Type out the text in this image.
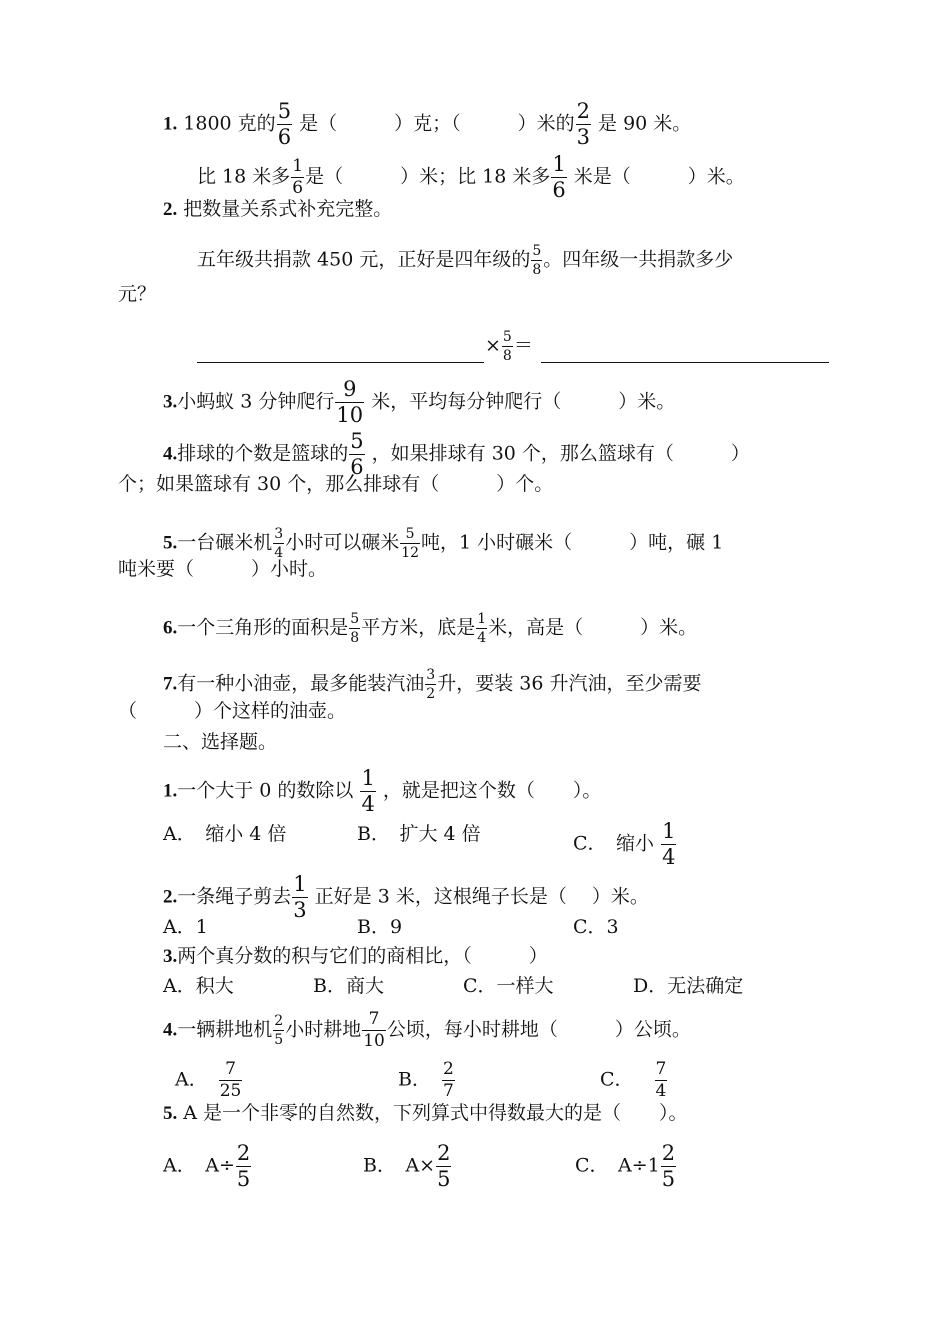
1. 1800 克的 $\frac{5}{6}$ 是（　　　）克；（　　　）米的 $\frac{2}{3}$ 是 90 米。
比 18 米多 $\frac{1}{6}$ 是（　　　）米；比 18 米多 $\frac{1}{6}$ 米是（　　　）米。
2. 把数量关系式补充完整。
五年级共捐款 450 元，正好是四年级的 $\frac{5}{8}$ 。四年级一共捐款多少
元？
× $\frac{5}{8}$ ＝
3.小蚂蚁 3 分钟爬行 $\frac{9}{10}$ 米，平均每分钟爬行（　　　）米。
4.排球的个数是篮球的 $\frac{5}{6}$ ，如果排球有 30 个，那么篮球有（　　　）
个；如果篮球有 30 个，那么排球有（　　　）个。
5.一台碾米机 $\frac{3}{4}$ 小时可以碾米 $\frac{5}{12}$ 吨，1 小时碾米（　　　）吨，碾 1
吨米要（　　　）小时。
6.一个三角形的面积是 $\frac{5}{8}$ 平方米，底是 $\frac{1}{4}$ 米，高是（　　　）米。
7.有一种小油壶，最多能装汽油 $\frac{3}{2}$ 升，要装 36 升汽油，至少需要
（　　　）个这样的油壶。
二、选择题。
1.一个大于 0 的数除以 $\frac{1}{4}$ ，就是把这个数（　　）。
A．　缩小 4 倍	B．　扩大 4 倍	C．　缩小 $\frac{1}{4}$
2.一条绳子剪去 $\frac{1}{3}$ 正好是 3 米，这根绳子长是（　 ）米。
A．1	B．9	C．3
3.两个真分数的积与它们的商相比，（　　　）
A．积大	B．商大	C．一样大	D．无法确定
4.一辆耕地机 $\frac{2}{5}$ 小时耕地 $\frac{7}{10}$ 公顷，每小时耕地（　　　）公顷。
A． $\frac{7}{25}$	B． $\frac{2}{7}$	C． $\frac{7}{4}$
5. A 是一个非零的自然数，下列算式中得数最大的是（　　）。
A．　$A\div \frac{2}{5}$	B．　$A\times \frac{2}{5}$	C．　$A\div 1 \frac{2}{5}$
